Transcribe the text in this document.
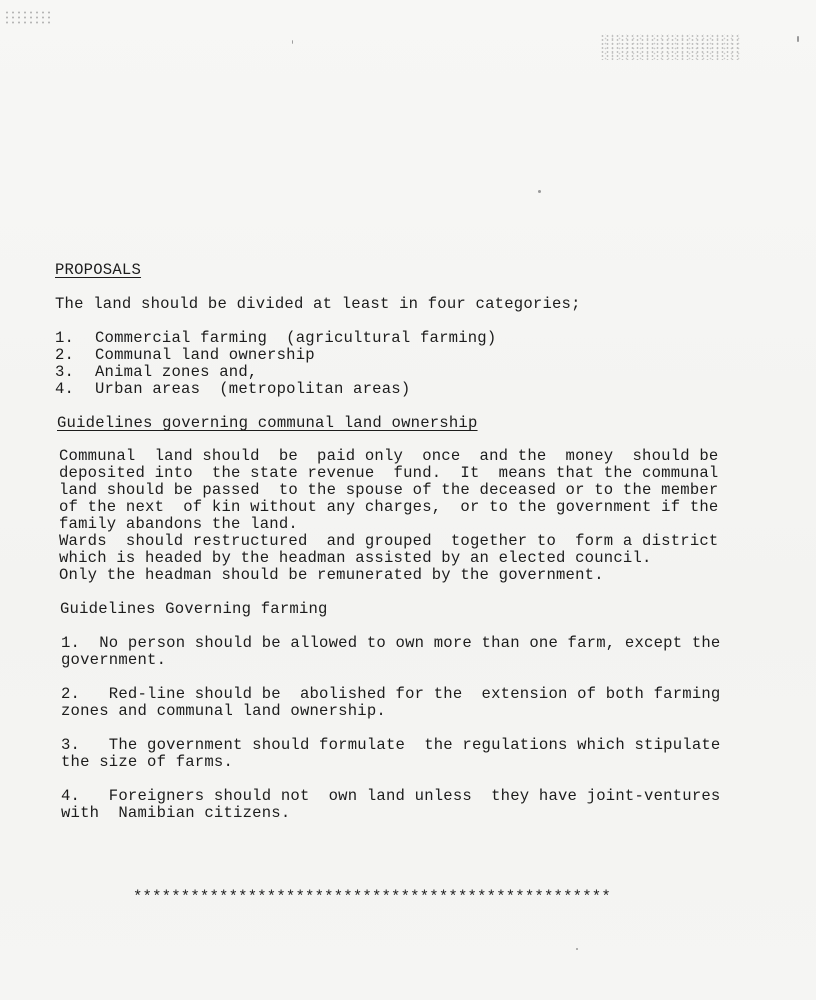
PROPOSALS
The land should be divided at least in four categories;
1. Commercial farming  (agricultural farming)
2. Communal land ownership
3. Animal zones and,
4. Urban areas  (metropolitan areas)
Guidelines governing communal land ownership
Communal  land should  be  paid only  once  and the  money  should be
deposited into  the state revenue  fund.  It  means that the communal
land should be passed  to the spouse of the deceased or to the member
of the next  of kin without any charges,  or to the government if the
family abandons the land.
Wards  should restructured  and grouped  together to  form a district
which is headed by the headman assisted by an elected council.
Only the headman should be remunerated by the government.
Guidelines Governing farming
1.  No person should be allowed to own more than one farm, except the
government.
2.   Red-line should be  abolished for the  extension of both farming
zones and communal land ownership.
3.   The government should formulate  the regulations which stipulate
the size of farms.
4.   Foreigners should not  own land unless  they have joint-ventures
with  Namibian citizens.
**************************************************
